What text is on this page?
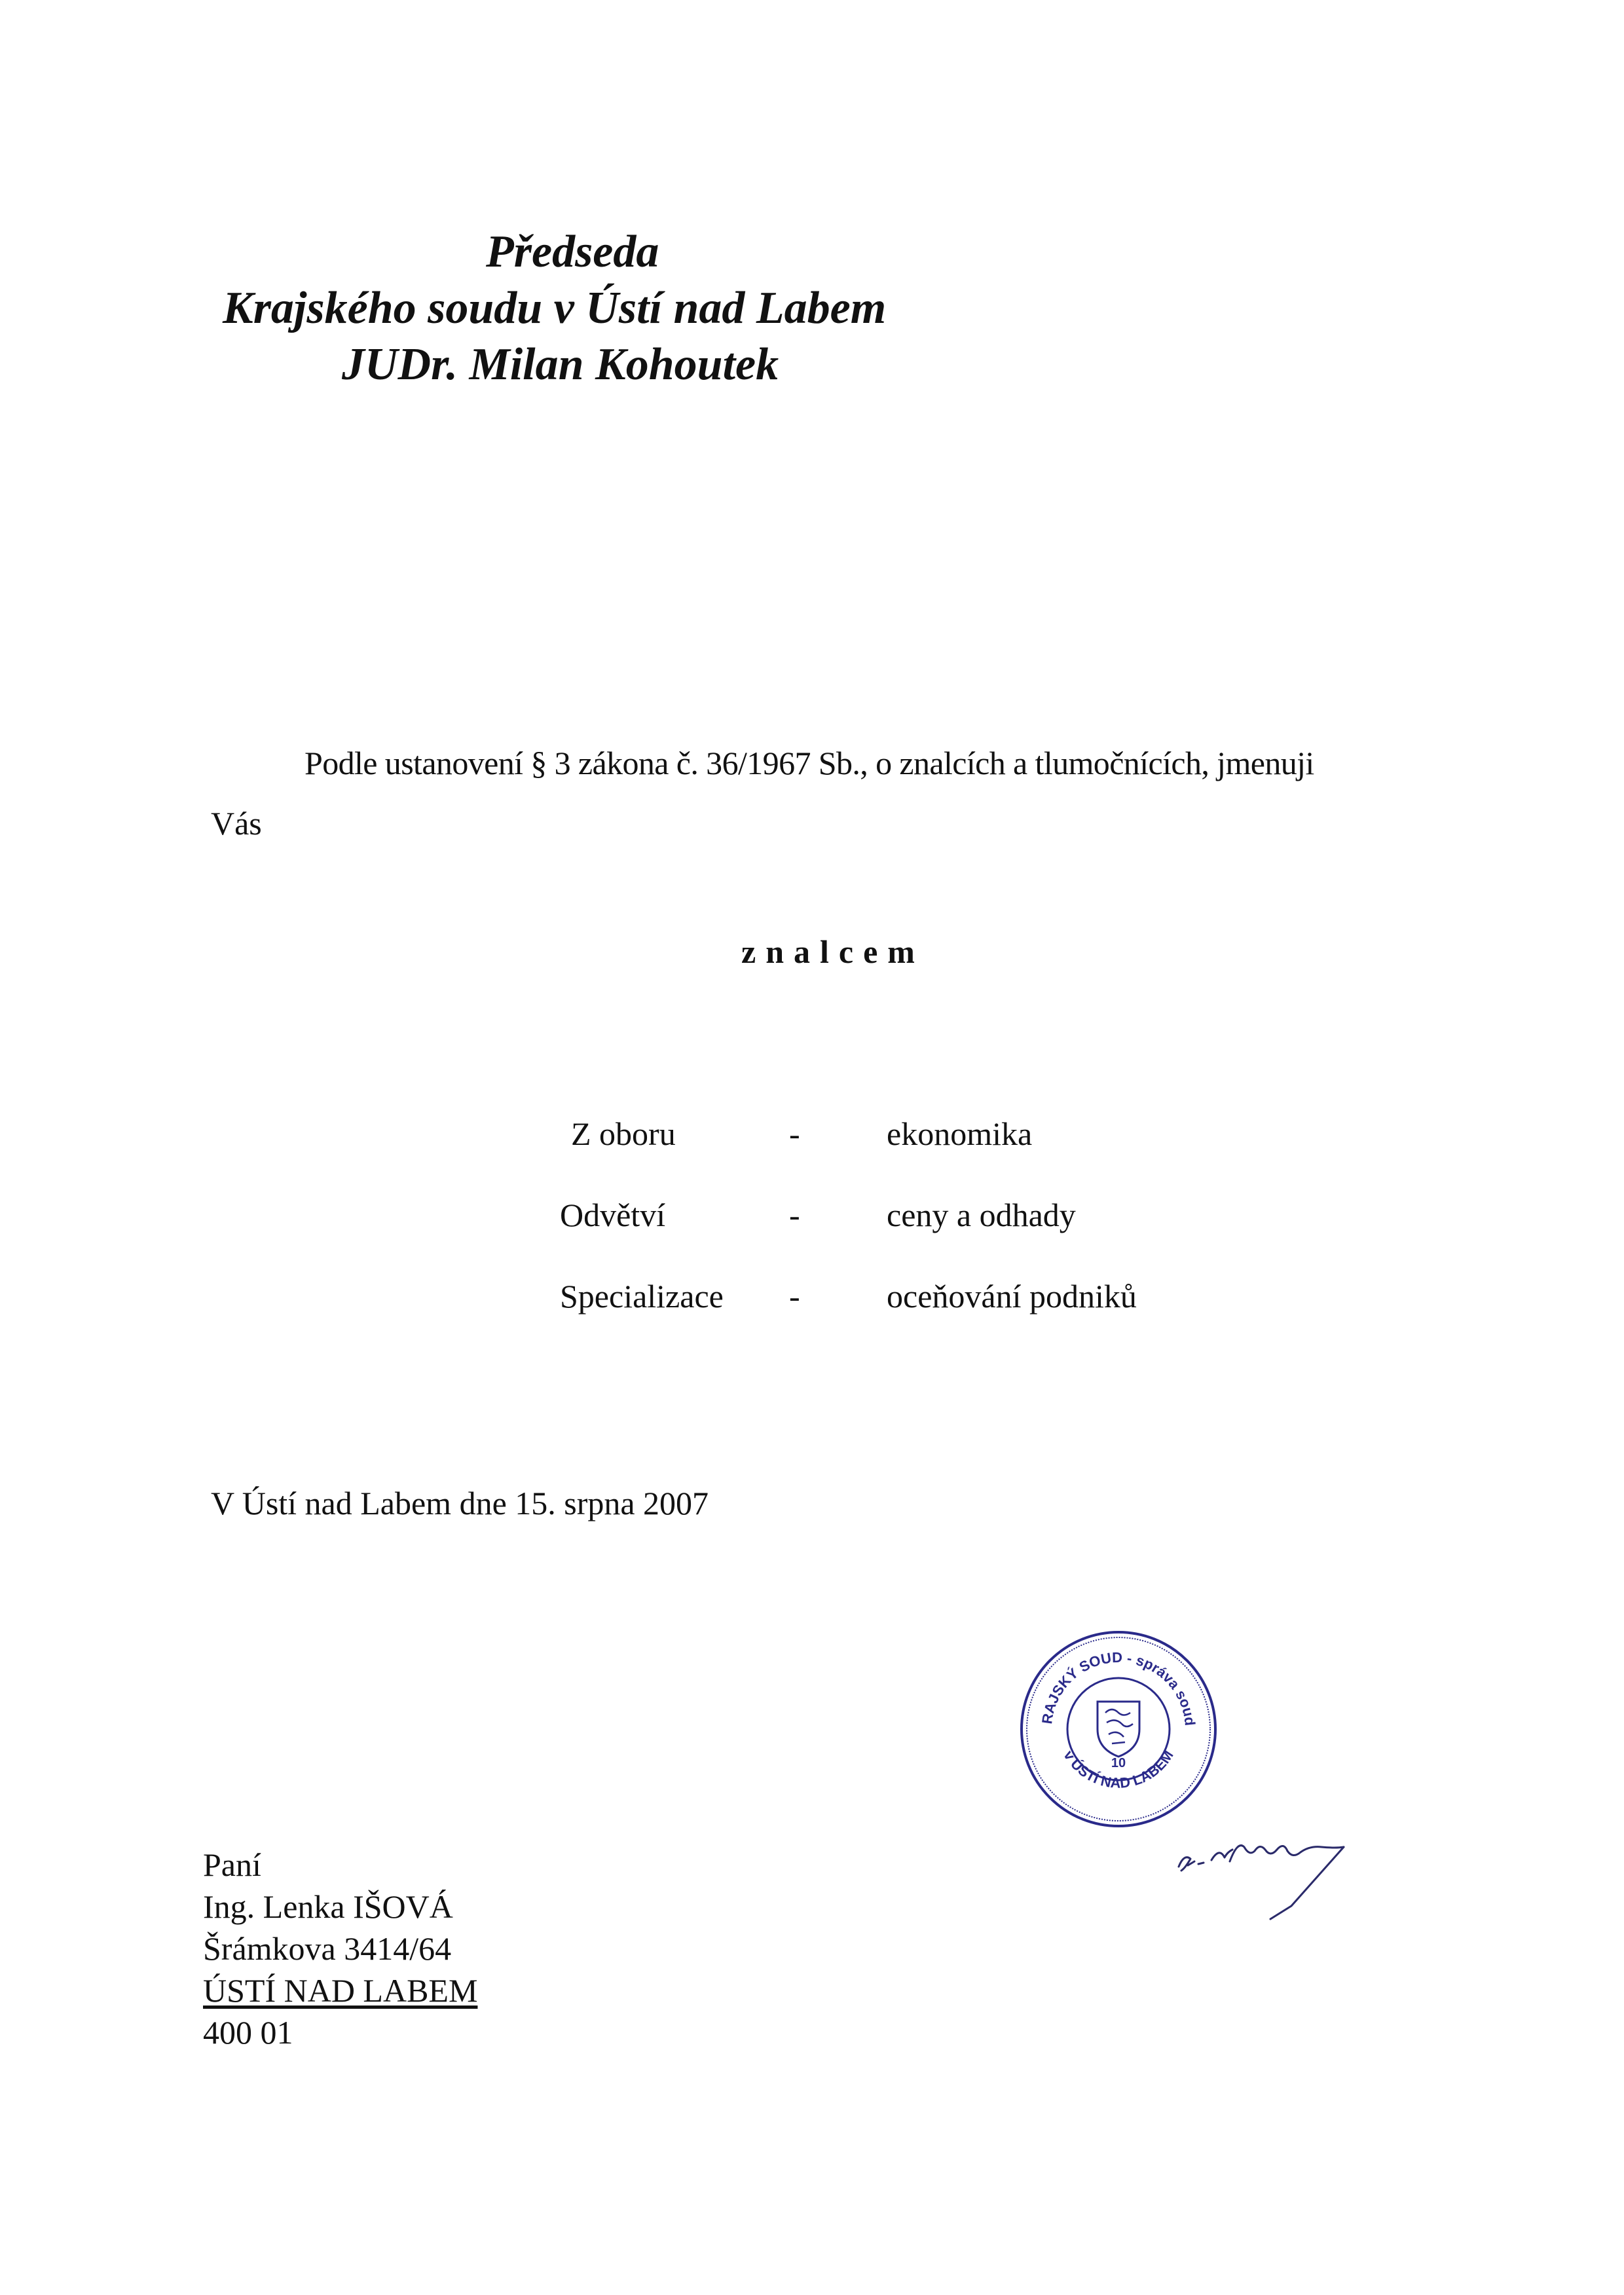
Předseda
Krajského soudu v Ústí nad Labem
JUDr. Milan Kohoutek
Podle ustanovení § 3 zákona č. 36/1967 Sb., o znalcích a tlumočnících, jmenuji
Vás
znalcem
Z oboru	-	ekonomika
Odvětví	-	ceny a odhady
Specializace -	oceňování podniků
V Ústí nad Labem dne 15. srpna 2007
RAJSKÝ SOUD - správa soud
v ÚSTÍ NAD LABEM
10
Paní
Ing. Lenka IŠOVÁ
Šrámkova 3414/64
ÚSTÍ NAD LABEM
400 01
